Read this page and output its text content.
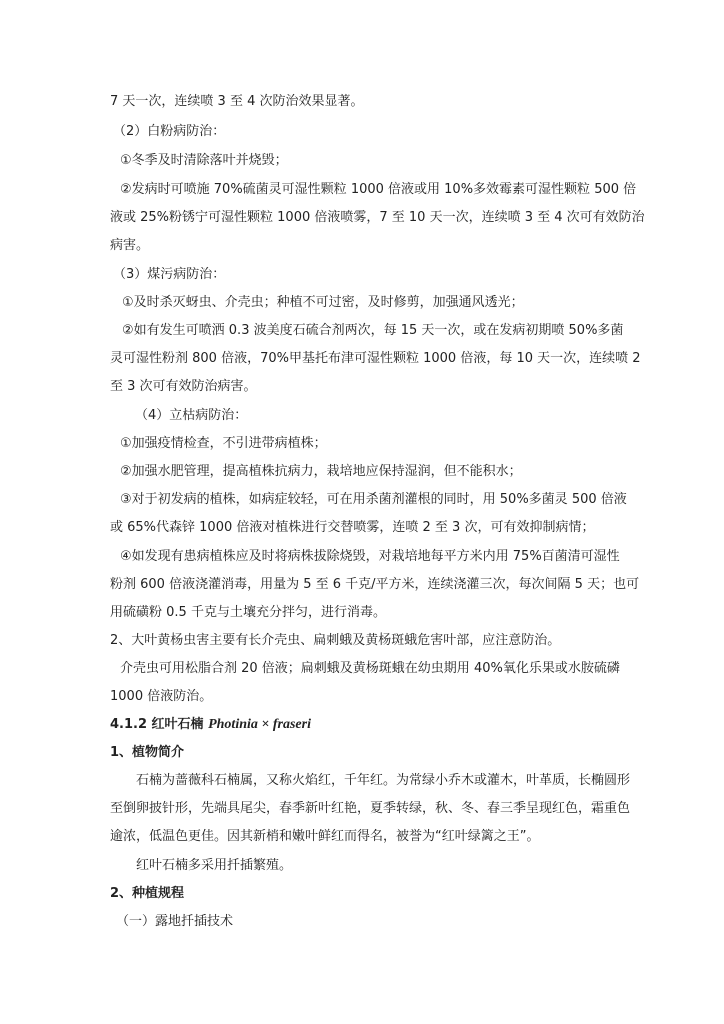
7 天一次，连续喷 3 至 4 次防治效果显著。
（2）白粉病防治：
①冬季及时清除落叶并烧毁；
②发病时可喷施 70%硫菌灵可湿性颗粒 1000 倍液或用 10%多效霉素可湿性颗粒 500 倍
液或 25%粉锈宁可湿性颗粒 1000 倍液喷雾，7 至 10 天一次，连续喷 3 至 4 次可有效防治
病害。
（3）煤污病防治：
①及时杀灭蚜虫、介壳虫；种植不可过密，及时修剪，加强通风透光；
②如有发生可喷洒 0.3 波美度石硫合剂两次，每 15 天一次，或在发病初期喷 50%多菌
灵可湿性粉剂 800 倍液，70%甲基托布津可湿性颗粒 1000 倍液，每 10 天一次，连续喷 2
至 3 次可有效防治病害。
（4）立枯病防治：
①加强疫情检查，不引进带病植株；
②加强水肥管理，提高植株抗病力，栽培地应保持湿润，但不能积水；
③对于初发病的植株，如病症较轻，可在用杀菌剂灌根的同时，用 50%多菌灵 500 倍液
或 65%代森锌 1000 倍液对植株进行交替喷雾，连喷 2 至 3 次，可有效抑制病情；
④如发现有患病植株应及时将病株拔除烧毁，对栽培地每平方米内用 75%百菌清可湿性
粉剂 600 倍液浇灌消毒，用量为 5 至 6 千克/平方米，连续浇灌三次，每次间隔 5 天；也可
用硫磺粉 0.5 千克与土壤充分拌匀，进行消毒。
2、大叶黄杨虫害主要有长介壳虫、扁刺蛾及黄杨斑蛾危害叶部，应注意防治。
介壳虫可用松脂合剂 20 倍液；扁刺蛾及黄杨斑蛾在幼虫期用 40%氧化乐果或水胺硫磷
1000 倍液防治。
4.1.2 红叶石楠 Photinia × fraseri
1、植物简介
石楠为蔷薇科石楠属，又称火焰红，千年红。为常绿小乔木或灌木，叶革质，长椭圆形
至倒卵披针形，先端具尾尖，春季新叶红艳，夏季转绿，秋、冬、春三季呈现红色，霜重色
逾浓，低温色更佳。因其新梢和嫩叶鲜红而得名，被誉为“红叶绿篱之王”。
红叶石楠多采用扦插繁殖。
2、种植规程
（一）露地扦插技术
